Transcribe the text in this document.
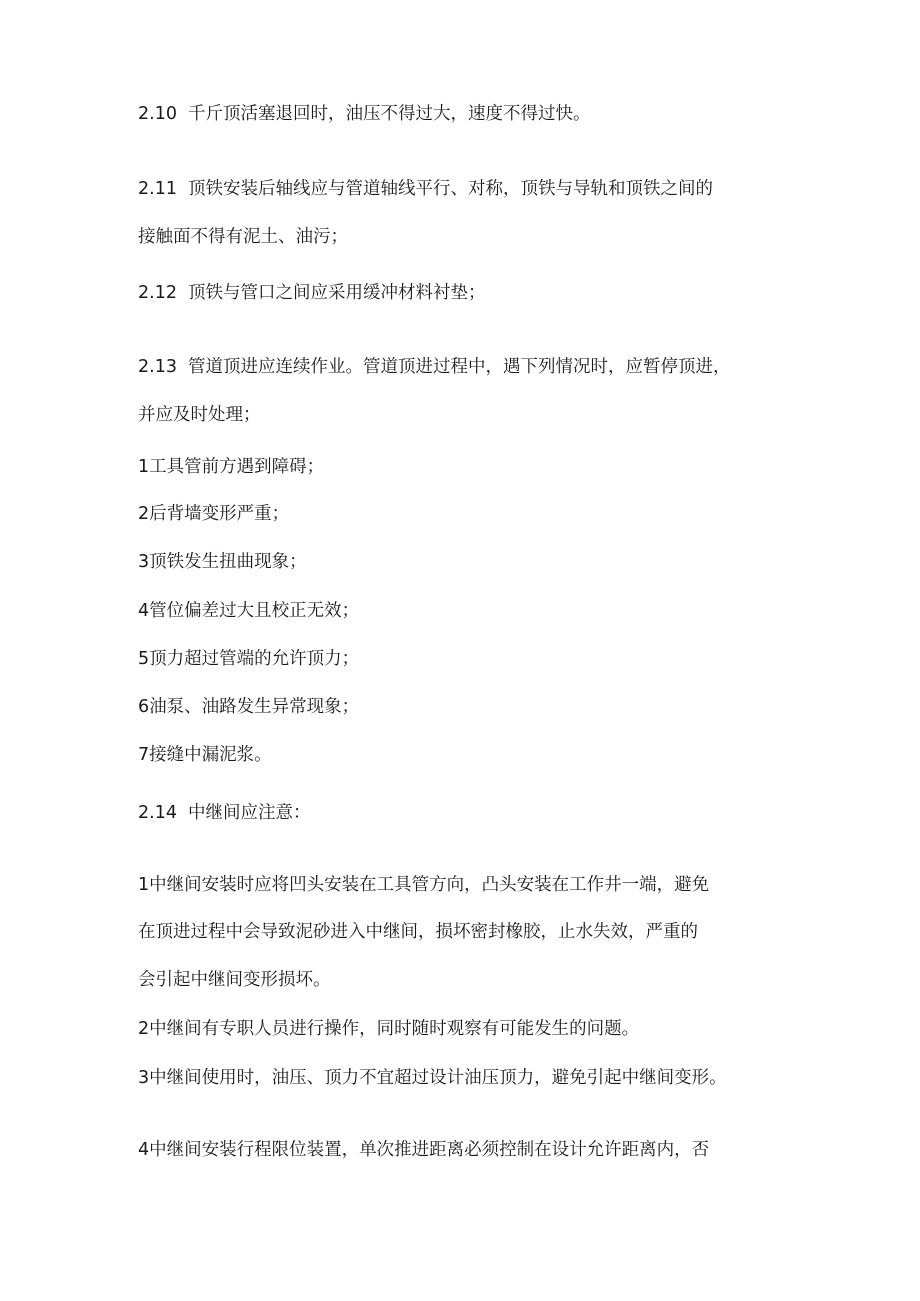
2.10 千斤顶活塞退回时，油压不得过大，速度不得过快。
2.11 顶铁安装后轴线应与管道轴线平行、对称，顶铁与导轨和顶铁之间的
接触面不得有泥土、油污；
2.12 顶铁与管口之间应采用缓冲材料衬垫；
2.13 管道顶进应连续作业。管道顶进过程中，遇下列情况时，应暂停顶进，
并应及时处理；
1工具管前方遇到障碍；
2后背墙变形严重；
3顶铁发生扭曲现象；
4管位偏差过大且校正无效；
5顶力超过管端的允许顶力；
6油泵、油路发生异常现象；
7接缝中漏泥浆。
2.14 中继间应注意：
1中继间安装时应将凹头安装在工具管方向，凸头安装在工作井一端，避免
在顶进过程中会导致泥砂进入中继间，损坏密封橡胶，止水失效，严重的
会引起中继间变形损坏。
2中继间有专职人员进行操作，同时随时观察有可能发生的问题。
3中继间使用时，油压、顶力不宜超过设计油压顶力，避免引起中继间变形。
4中继间安装行程限位装置，单次推进距离必须控制在设计允许距离内，否
